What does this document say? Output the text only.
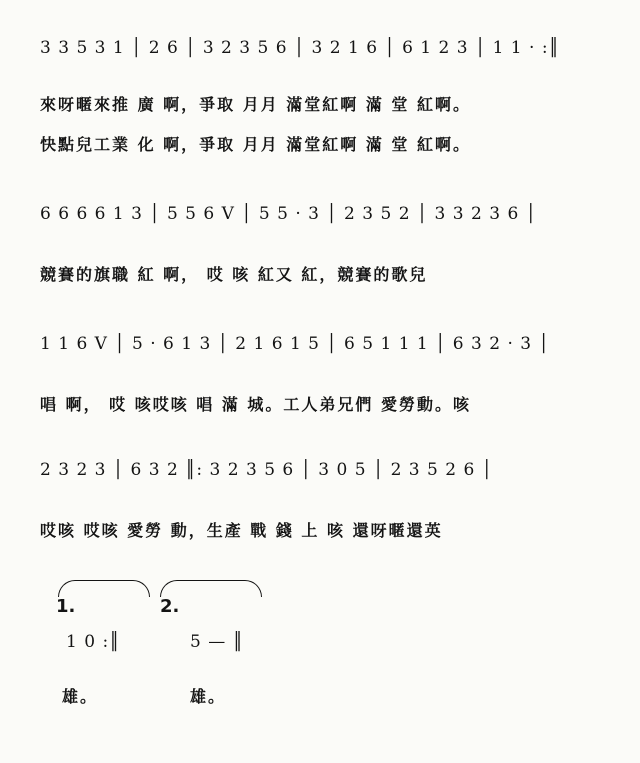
3 3 5 3 1 │ 2 6 │ 3 2 3 5 6 │ 3 2 1 6 │ 6 1 2 3 │ 1 1 · :║
來呀暱來推 廣 啊，爭取 月月 滿堂紅啊 滿 堂 紅啊。
快點兒工業 化 啊，爭取 月月 滿堂紅啊 滿 堂 紅啊。
6 6 6 6 1 3 │ 5 5 6 V │ 5 5 · 3 │ 2 3 5 2 │ 3 3 2 3 6 │
競賽的旗職 紅 啊， 哎 咳 紅又 紅，競賽的歌兒
1 1 6 V │ 5 · 6 1 3 │ 2 1 6 1 5 │ 6 5 1 1 1 │ 6 3 2 · 3 │
唱 啊， 哎 咳哎咳 唱 滿 城。工人弟兄們 愛勞動。咳
2 3 2 3 │ 6 3 2 ║: 3 2 3 5 6 │ 3 0 5 │ 2 3 5 2 6 │
哎咳 哎咳 愛勞 動，生產 戰 錢 上 咳 還呀暱還英
1.
1 0 :║
雄。
2.
5 — ║
雄。
